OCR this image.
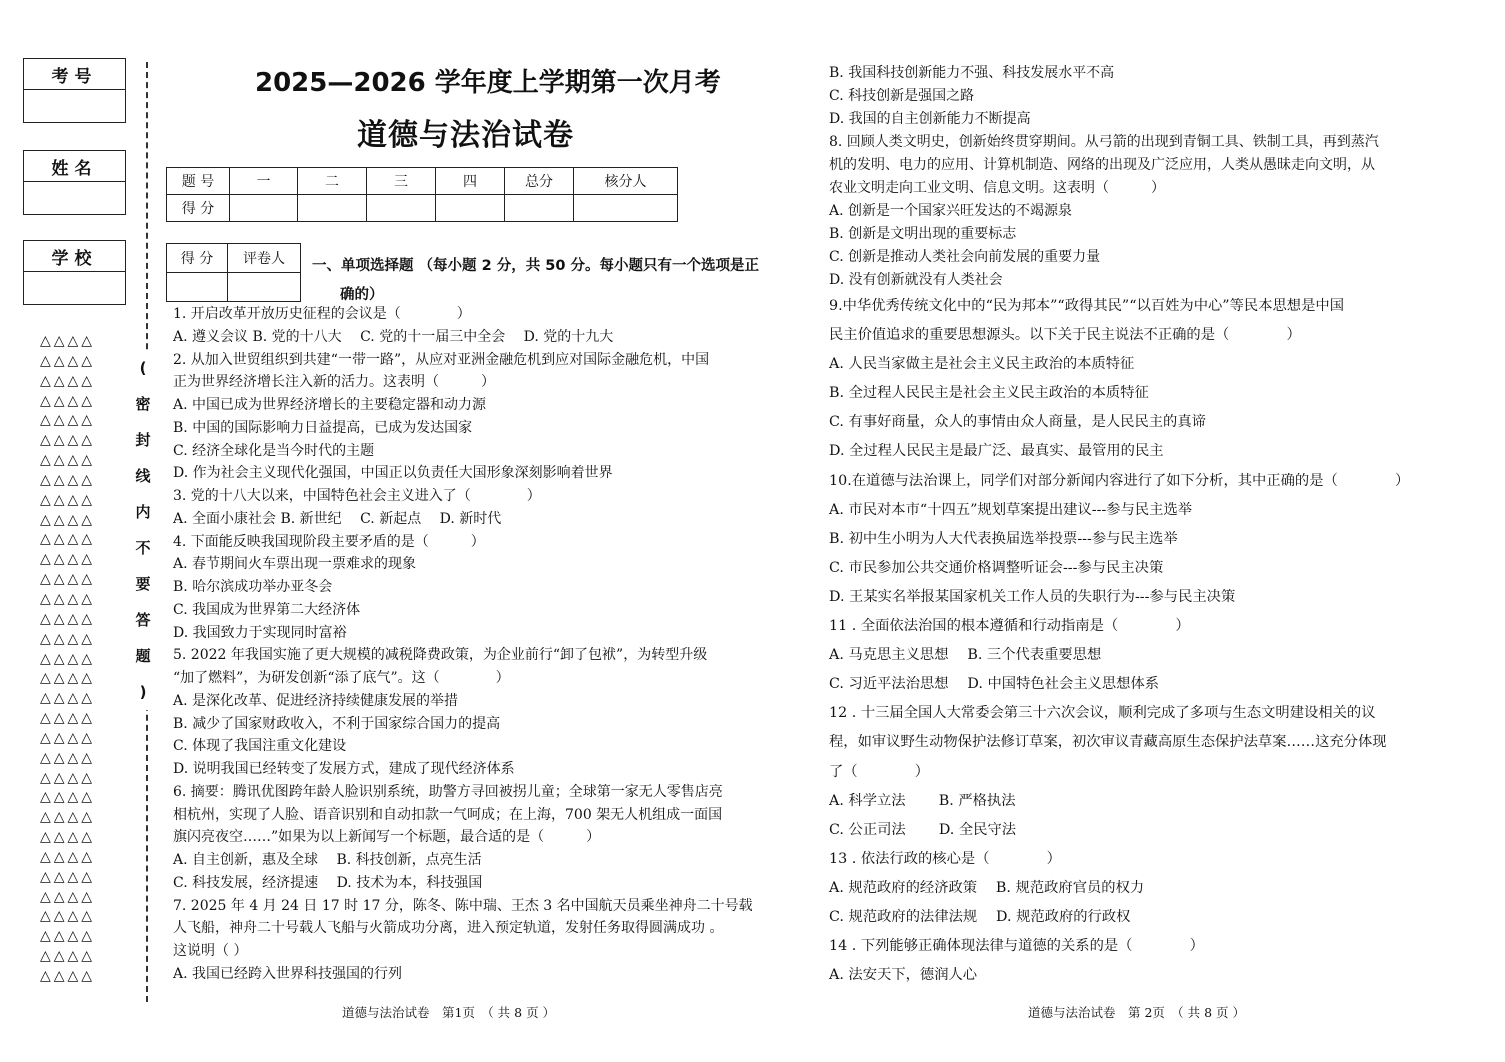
考号
姓名
学校
△△△△
△△△△
△△△△
△△△△
△△△△
△△△△
△△△△
△△△△
△△△△
△△△△
△△△△
△△△△
△△△△
△△△△
△△△△
△△△△
△△△△
△△△△
△△△△
△△△△
△△△△
△△△△
△△△△
△△△△
△△△△
△△△△
△△△△
△△△△
△△△△
△△△△
△△△△
△△△△
△△△△
(
密
封
线
内
不
要
答
题
)
2025—2026 学年度上学期第一次月考
道德与法治试卷
题 号	一	二	三	四	总分	核分人
得 分						
得 分	评卷人
	一、单项选择题 （每小题 2 分，共 50 分。每小题只有一个选项是正
确的）
1. 开启改革开放历史征程的会议是（　　　　）
A. 遵义会议 B. 党的十八大　 C. 党的十一届三中全会　 D. 党的十九大
2. 从加入世贸组织到共建“一带一路”，从应对亚洲金融危机到应对国际金融危机，中国
正为世界经济增长注入新的活力。这表明（　　　）
A. 中国已成为世界经济增长的主要稳定器和动力源
B. 中国的国际影响力日益提高，已成为发达国家
C. 经济全球化是当今时代的主题
D. 作为社会主义现代化强国，中国正以负责任大国形象深刻影响着世界
3. 党的十八大以来，中国特色社会主义进入了（　　　　）
A. 全面小康社会 B. 新世纪　 C. 新起点　 D. 新时代
4. 下面能反映我国现阶段主要矛盾的是（　　　）
A. 春节期间火车票出现一票难求的现象
B. 哈尔滨成功举办亚冬会
C. 我国成为世界第二大经济体
D. 我国致力于实现同时富裕
5. 2022 年我国实施了更大规模的减税降费政策，为企业前行“卸了包袱”，为转型升级
“加了燃料”，为研发创新“添了底气”。这（　　　　）
A. 是深化改革、促进经济持续健康发展的举措
B. 减少了国家财政收入，不利于国家综合国力的提高
C. 体现了我国注重文化建设
D. 说明我国已经转变了发展方式，建成了现代经济体系
6. 摘要：腾讯优图跨年龄人脸识别系统，助警方寻回被拐儿童；全球第一家无人零售店亮
相杭州，实现了人脸、语音识别和自动扣款一气呵成；在上海，700 架无人机组成一面国
旗闪亮夜空……”如果为以上新闻写一个标题，最合适的是（　　　）
A. 自主创新，惠及全球　 B. 科技创新，点亮生活
C. 科技发展，经济提速　 D. 技术为本，科技强国
7. 2025 年 4 月 24 日 17 时 17 分，陈冬、陈中瑞、王杰 3 名中国航天员乘坐神舟二十号载
人飞船，神舟二十号载人飞船与火箭成功分离，进入预定轨道，发射任务取得圆满成功 。
这说明（ ）
A. 我国已经跨入世界科技强国的行列
B. 我国科技创新能力不强、科技发展水平不高
C. 科技创新是强国之路
D. 我国的自主创新能力不断提高
8. 回顾人类文明史，创新始终贯穿期间。从弓箭的出现到青铜工具、铁制工具，再到蒸汽
机的发明、电力的应用、计算机制造、网络的出现及广泛应用，人类从愚昧走向文明，从
农业文明走向工业文明、信息文明。这表明（　　　）
A. 创新是一个国家兴旺发达的不竭源泉
B. 创新是文明出现的重要标志
C. 创新是推动人类社会向前发展的重要力量
D. 没有创新就没有人类社会
9.中华优秀传统文化中的“民为邦本”“政得其民”“以百姓为中心”等民本思想是中国
民主价值追求的重要思想源头。以下关于民主说法不正确的是（　　　　）
A. 人民当家做主是社会主义民主政治的本质特征
B. 全过程人民民主是社会主义民主政治的本质特征
C. 有事好商量，众人的事情由众人商量，是人民民主的真谛
D. 全过程人民民主是最广泛、最真实、最管用的民主
10.在道德与法治课上，同学们对部分新闻内容进行了如下分析，其中正确的是（　　　　）
A. 市民对本市“十四五”规划草案提出建议---参与民主选举
B. 初中生小明为人大代表换届选举投票---参与民主选举
C. 市民参加公共交通价格调整听证会---参与民主决策
D. 王某实名举报某国家机关工作人员的失职行为---参与民主决策
11 . 全面依法治国的根本遵循和行动指南是（　　　　）
A. 马克思主义思想　 B. 三个代表重要思想
C. 习近平法治思想　 D. 中国特色社会主义思想体系
12 . 十三届全国人大常委会第三十六次会议，顺利完成了多项与生态文明建设相关的议
程，如审议野生动物保护法修订草案，初次审议青藏高原生态保护法草案……这充分体现
了（　　　　）
A. 科学立法　　 B. 严格执法
C. 公正司法　　 D. 全民守法
13 . 依法行政的核心是（　　　　）
A. 规范政府的经济政策　 B. 规范政府官员的权力
C. 规范政府的法律法规　 D. 规范政府的行政权
14 . 下列能够正确体现法律与道德的关系的是（　　　　）
A. 法安天下，德润人心
道德与法治试卷　第1页　（ 共 8 页 ）	道德与法治试卷　第 2页　（ 共 8 页 ）
